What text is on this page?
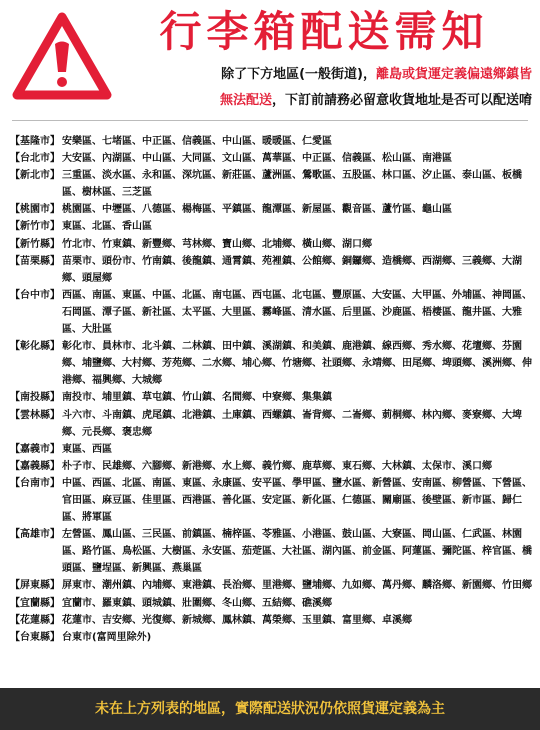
行李箱配送需知
除了下方地區(一般街道)，離島或貨運定義偏遠鄉鎮皆
無法配送，下訂前請務必留意收貨地址是否可以配送唷
【基隆市】 安樂區、七堵區、中正區、信義區、中山區、暖暖區、仁愛區
【台北市】 大安區、內湖區、中山區、大同區、文山區、萬華區、中正區、信義區、松山區、南港區
【新北市】 三重區、淡水區、永和區、深坑區、新莊區、蘆洲區、鶯歌區、五股區、林口區、汐止區、泰山區、板橋區、樹林區、三芝區
【桃園市】 桃園區、中壢區、八德區、楊梅區、平鎮區、龍潭區、新屋區、觀音區、蘆竹區、龜山區
【新竹市】 東區、北區、香山區
【新竹縣】 竹北市、竹東鎮、新豐鄉、芎林鄉、寶山鄉、北埔鄉、橫山鄉、湖口鄉
【苗栗縣】 苗栗市、頭份市、竹南鎮、後龍鎮、通霄鎮、苑裡鎮、公館鄉、銅鑼鄉、造橋鄉、西湖鄉、三義鄉、大湖鄉、頭屋鄉
【台中市】 西區、南區、東區、中區、北區、南屯區、西屯區、北屯區、豐原區、大安區、大甲區、外埔區、神岡區、石岡區、潭子區、新社區、太平區、大里區、霧峰區、清水區、后里區、沙鹿區、梧棲區、龍井區、大雅區、大肚區
【彰化縣】 彰化市、員林市、北斗鎮、二林鎮、田中鎮、溪湖鎮、和美鎮、鹿港鎮、線西鄉、秀水鄉、花壇鄉、芬園鄉、埔鹽鄉、大村鄉、芳苑鄉、二水鄉、埔心鄉、竹塘鄉、社頭鄉、永靖鄉、田尾鄉、埤頭鄉、溪洲鄉、伸港鄉、福興鄉、大城鄉
【南投縣】 南投市、埔里鎮、草屯鎮、竹山鎮、名間鄉、中寮鄉、集集鎮
【雲林縣】 斗六市、斗南鎮、虎尾鎮、北港鎮、土庫鎮、西螺鎮、崙背鄉、二崙鄉、莿桐鄉、林內鄉、麥寮鄉、大埤鄉、元長鄉、褒忠鄉
【嘉義市】 東區、西區
【嘉義縣】 朴子市、民雄鄉、六腳鄉、新港鄉、水上鄉、義竹鄉、鹿草鄉、東石鄉、大林鎮、太保市、溪口鄉
【台南市】 中區、西區、北區、南區、東區、永康區、安平區、學甲區、鹽水區、新營區、安南區、柳營區、下營區、官田區、麻豆區、佳里區、西港區、善化區、安定區、新化區、仁德區、關廟區、後壁區、新市區、歸仁區、將軍區
【高雄市】 左營區、鳳山區、三民區、前鎮區、楠梓區、苓雅區、小港區、鼓山區、大寮區、岡山區、仁武區、林園區、路竹區、鳥松區、大樹區、永安區、茄萣區、大社區、湖內區、前金區、阿蓮區、彌陀區、梓官區、橋頭區、鹽埕區、新興區、燕巢區
【屏東縣】 屏東市、潮州鎮、內埔鄉、東港鎮、長治鄉、里港鄉、鹽埔鄉、九如鄉、萬丹鄉、麟洛鄉、新園鄉、竹田鄉
【宜蘭縣】 宜蘭市、羅東鎮、頭城鎮、壯圍鄉、冬山鄉、五結鄉、礁溪鄉
【花蓮縣】 花蓮市、吉安鄉、光復鄉、新城鄉、鳳林鎮、萬榮鄉、玉里鎮、富里鄉、卓溪鄉
【台東縣】 台東市(富岡里除外)
未在上方列表的地區，實際配送狀況仍依照貨運定義為主
